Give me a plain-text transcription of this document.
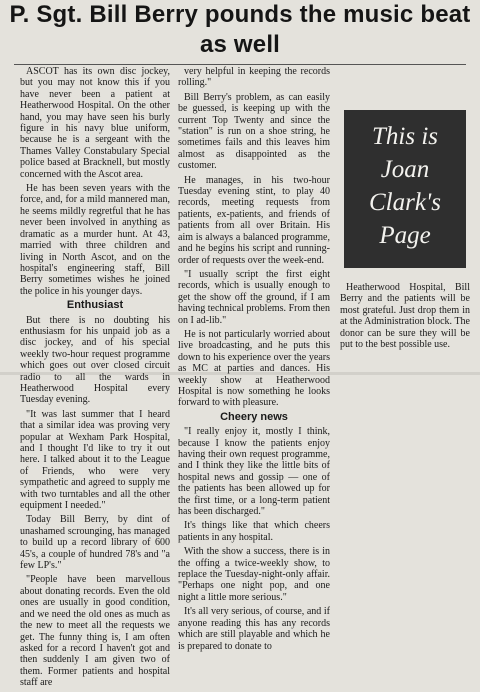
P. Sgt. Bill Berry pounds the music beat as well

ASCOT has its own disc jockey, but you may not know this if you have never been a patient at Heatherwood Hospital. On the other hand, you may have seen his burly figure in his navy blue uniform, because he is a sergeant with the Thames Valley Constabulary Special police based at Bracknell, but mostly concerned with the Ascot area.

He has been seven years with the force, and, for a mild mannered man, he seems mildly regretful that he has never been involved in anything as dramatic as a murder hunt. At 43, married with three children and living in North Ascot, and on the hospital's engineering staff, Bill Berry sometimes wishes he joined the police in his younger days.

Enthusiast

But there is no doubting his enthusiasm for his unpaid job as a disc jockey, and of his special weekly two-hour request programme which goes out over closed circuit radio to all the wards in Heatherwood Hospital every Tuesday evening.

"It was last summer that I heard that a similar idea was proving very popular at Wexham Park Hospital, and I thought I'd like to try it out here. I talked about it to the League of Friends, who were very sympathetic and agreed to supply me with two turntables and all the other equipment I needed."

Today Bill Berry, by dint of unashamed scrounging, has managed to build up a record library of 600 45's, a couple of hundred 78's and "a few LP's."

"People have been marvellous about donating records. Even the old ones are usually in good condition, and we need the old ones as much as the new to meet all the requests we get. The funny thing is, I am often asked for a record I haven't got and then suddenly I am given two of them. Former patients and hospital staff are

very helpful in keeping the records rolling."

Bill Berry's problem, as can easily be guessed, is keeping up with the current Top Twenty and since the "station" is run on a shoe string, he sometimes fails and this leaves him almost as disappointed as the customer.

He manages, in his two-hour Tuesday evening stint, to play 40 records, meeting requests from patients, ex-patients, and friends of patients from all over Britain. His aim is always a balanced programme, and he begins his script and running-order of requests over the week-end.

"I usually script the first eight records, which is usually enough to get the show off the ground, if I am having technical problems. From then on I ad-lib."

He is not particularly worried about live broadcasting, and he puts this down to his experience over the years as MC at parties and dances. His weekly show at Heatherwood Hospital is now something he looks forward to with pleasure.

Cheery news

"I really enjoy it, mostly I think, because I know the patients enjoy having their own request programme, and I think they like the little bits of hospital news and gossip — one of the patients has been allowed up for the first time, or a long-term patient has been discharged."

It's things like that which cheers patients in any hospital.

With the show a success, there is in the offing a twice-weekly show, to replace the Tuesday-night-only affair. "Perhaps one night pop, and one night a little more serious."

It's all very serious, of course, and if anyone reading this has any records which are still playable and which he is prepared to donate to

This is
Joan
Clark's
Page

Heatherwood Hospital, Bill Berry and the patients will be most grateful. Just drop them in at the Administration block. The donor can be sure they will be put to the best possible use.
